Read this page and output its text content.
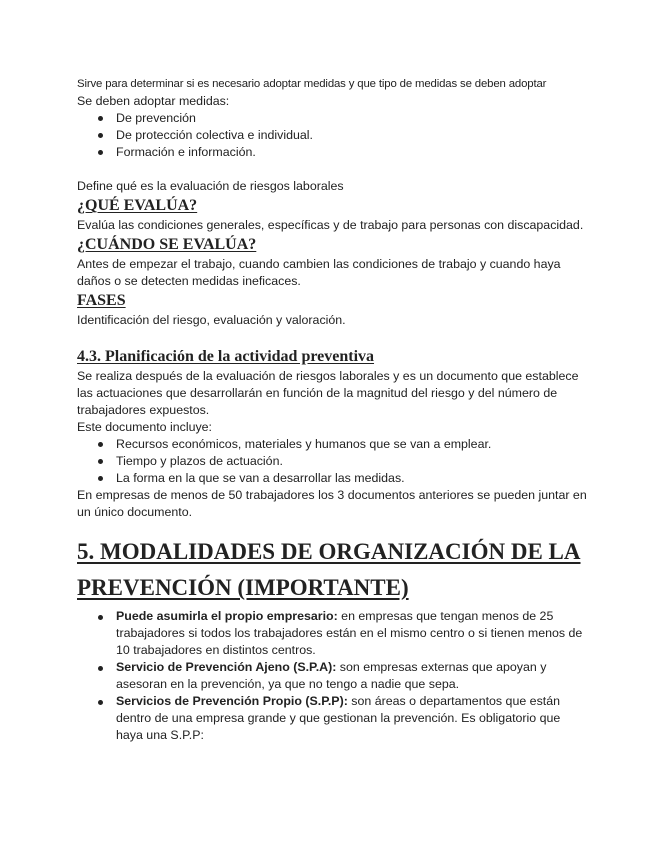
Sirve para determinar si es necesario adoptar medidas y que tipo de medidas se deben adoptar

Se deben adoptar medidas:

De prevención
De protección colectiva e individual.
Formación e información.

Define qué es la evaluación de riesgos laborales

¿QUÉ EVALÚA?

Evalúa las condiciones generales, específicas y de trabajo para personas con discapacidad.

¿CUÁNDO SE EVALÚA?

Antes de empezar el trabajo, cuando cambien las condiciones de trabajo y cuando haya daños o se detecten medidas ineficaces.

FASES

Identificación del riesgo, evaluación y valoración.

4.3. Planificación de la actividad preventiva

Se realiza después de la evaluación de riesgos laborales y es un documento que establece las actuaciones que desarrollarán en función de la magnitud del riesgo y del número de trabajadores expuestos.

Este documento incluye:

Recursos económicos, materiales y humanos que se van a emplear.
Tiempo y plazos de actuación.
La forma en la que se van a desarrollar las medidas.

En empresas de menos de 50 trabajadores los 3 documentos anteriores se pueden juntar en un único documento.

5. MODALIDADES DE ORGANIZACIÓN DE LA
PREVENCIÓN (IMPORTANTE)
Puede asumirla el propio empresario: en empresas que tengan menos de 25 trabajadores si todos los trabajadores están en el mismo centro o si tienen menos de 10 trabajadores en distintos centros.
Servicio de Prevención Ajeno (S.P.A): son empresas externas que apoyan y asesoran en la prevención, ya que no tengo a nadie que sepa.
Servicios de Prevención Propio (S.P.P): son áreas o departamentos que están dentro de una empresa grande y que gestionan la prevención. Es obligatorio que haya una S.P.P:
